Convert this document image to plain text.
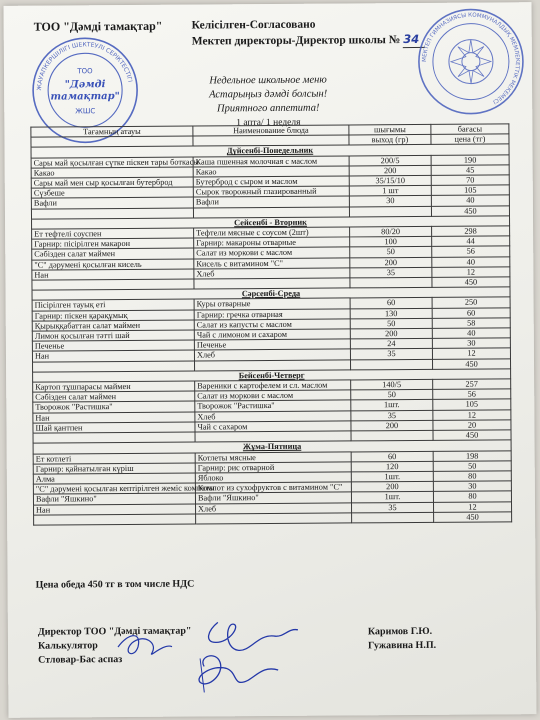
ТОО "Дәмді тамақтар"	Келісілген-Согласовано
Мектеп директоры-Директор школы № 34
ЖАУАПКЕРШІЛІГІ ШЕКТЕУЛІ СЕРІКТЕСТІГІ
ТОО
"Дәмді
тамақтар"
ЖШС
МЕКТЕП ГИМНАЗИЯСЫ КОММУНАЛДЫҚ МЕМЛЕКЕТТІК МЕКЕМЕСІ
Недельное школьное меню
Астарыңыз дәмді болсын!
Приятного аппетита!
1 апта/ 1 неделя
Тағамның атауы	Наименование блюда	шығымы	бағасы
		выход (гр)	цена (тг)
Дүйсенбі-Понедельник			
Сары май қосылған сүтке піскен тары боткасы	Каша пшенная молочная с маслом	200/5	190
Какао	Какао	200	45
Сары май мен сыр қосылған бутерброд	Бутерброд с сыром и маслом	35/15/10	70
Сүзбеше	Сырок творожный глазированный	1 шт	105
Вафли	Вафли	30	40
			450
Сейсенбі - Вторник			
Ет тефтелі соуспен	Тефтели мясные с соусом (2шт)	80/20	298
Гарнир: пісірілген макарон	Гарнир: макароны отварные	100	44
Сәбізден салат маймен	Салат из моркови с маслом	50	56
"С" дәрумені қосылған кисель	Кисель с витамином "С"	200	40
Нан	Хлеб	35	12
			450
Сәрсенбі-Среда			
Пісірілген тауық еті	Куры отварные	60	250
Гарнир: піскен қарақұмық	Гарнир: гречка отварная	130	60
Қырыққабаттан салат маймен	Салат из капусты с маслом	50	58
Лимон қосылған тәтті шай	Чай с лимоном и сахаром	200	40
Печенье	Печенье	24	30
Нан	Хлеб	35	12
			450
Бейсенбі-Четверг			
Картоп тұшпарасы маймен	Вареники с картофелем и сл. маслом	140/5	257
Сәбізден салат маймен	Салат из моркови с маслом	50	56
Творожок "Растишка"	Творожок "Растишка"	1шт.	105
Нан	Хлеб	35	12
Шай қантпен	Чай с сахаром	200	20
			450
Жұма-Пятница			
Ет котлеті	Котлеты мясные	60	198
Гарнир: қайнатылған күріш	Гарнир: рис отварной	120	50
Алма	Яблоко	1шт.	80
"С" дәрумені қосылған кептірілген жеміс компоты	Компот из сухофруктов с витамином "С"	200	30
Вафли "Яшкино"	Вафли "Яшкино"	1шт.	80
Нан	Хлеб	35	12
			450
Цена обеда 450 тг в том числе НДС
Директор ТОО "Дәмді тамақтар"
Калькулятор
Стловар-Бас аспаз
Каримов Г.Ю.
Гужавина Н.П.
